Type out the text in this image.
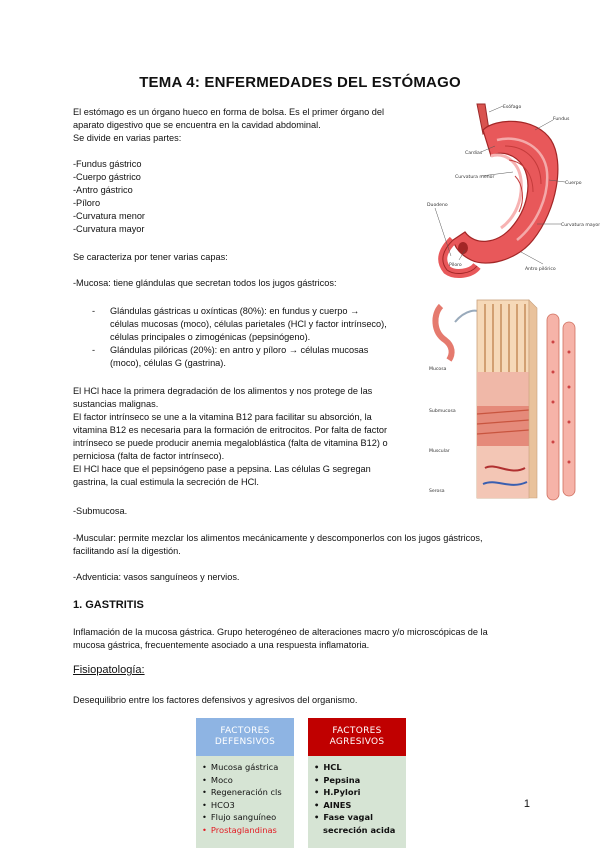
TEMA 4: ENFERMEDADES DEL ESTÓMAGO
El estómago es un órgano hueco en forma de bolsa. Es el primer órgano del
aparato digestivo que se encuentra en la cavidad abdominal.
Se divide en varias partes:
-Fundus gástrico
-Cuerpo gástrico
-Antro gástrico
-Píloro
-Curvatura menor
-Curvatura mayor
Se caracteriza por tener varias capas:
-Mucosa: tiene glándulas que secretan todos los jugos gástricos:
- Glándulas gástricas u oxínticas (80%): en fundus y cuerpo →
células mucosas (moco), células parietales (HCl y factor intrínseco),
células principales o zimogénicas (pepsinógeno).
- Glándulas pilóricas (20%): en antro y píloro → células mucosas
(moco), células G (gastrina).
El HCl hace la primera degradación de los alimentos y nos protege de las
sustancias malignas.
El factor intrínseco se une a la vitamina B12 para facilitar su absorción, la
vitamina B12 es necesaria para la formación de eritrocitos. Por falta de factor
intrínseco se puede producir anemia megaloblástica (falta de vitamina B12) o
perniciosa (falta de factor intrínseco).
El HCl hace que el pepsinógeno pase a pepsina. Las células G segregan
gastrina, la cual estimula la secreción de HCl.
-Submucosa.
-Muscular: permite mezclar los alimentos mecánicamente y descomponerlos con los jugos gástricos,
facilitando así la digestión.
-Adventicia: vasos sanguíneos y nervios.
1. GASTRITIS
Inflamación de la mucosa gástrica. Grupo heterogéneo de alteraciones macro y/o microscópicas de la
mucosa gástrica, frecuentemente asociado a una respuesta inflamatoria.
Fisiopatología:
Desequilibrio entre los factores defensivos y agresivos del organismo.
Esófago
Fundus
Cardias
Curvatura menor
Cuerpo
Duodeno
Curvatura mayor
Antro pilórico
Píloro
Mucosa
Submucosa
Muscular
Serosa
FACTORES
DEFENSIVOS
• Mucosa gástrica
• Moco
• Regeneración cls
• HCO3
• Flujo sanguíneo
• Prostaglandinas
FACTORES
AGRESIVOS
• HCL
• Pepsina
• H.Pylori
• AINES
• Fase vagal
secreción acida
1
